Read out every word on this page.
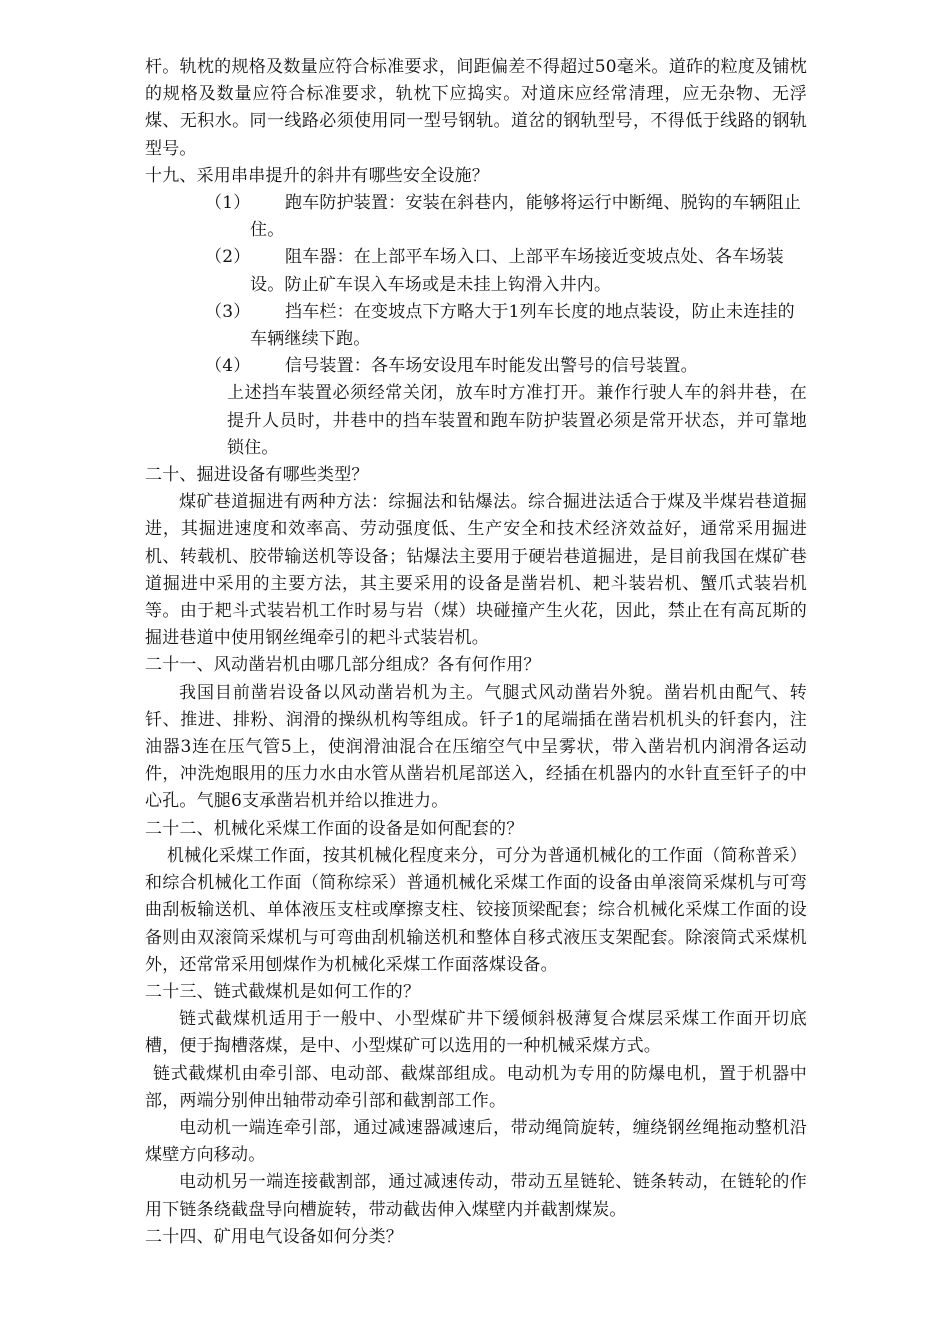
杆。轨枕的规格及数量应符合标准要求，间距偏差不得超过50毫米。道砟的粒度及铺枕的规格及数量应符合标准要求，轨枕下应捣实。对道床应经常清理，应无杂物、无浮煤、无积水。同一线路必须使用同一型号钢轨。道岔的钢轨型号，不得低于线路的钢轨型号。

十九、采用串串提升的斜井有哪些安全设施？

（1）	跑车防护装置：安装在斜巷内，能够将运行中断绳、脱钩的车辆阻止住。
（2）	阻车器：在上部平车场入口、上部平车场接近变坡点处、各车场装设。防止矿车误入车场或是未挂上钩滑入井内。
（3）	挡车栏：在变坡点下方略大于1列车长度的地点装设，防止未连挂的车辆继续下跑。
（4）	信号装置：各车场安设甩车时能发出警号的信号装置。

上述挡车装置必须经常关闭，放车时方准打开。兼作行驶人车的斜井巷，在提升人员时，井巷中的挡车装置和跑车防护装置必须是常开状态，并可靠地锁住。

二十、掘进设备有哪些类型？

煤矿巷道掘进有两种方法：综掘法和钻爆法。综合掘进法适合于煤及半煤岩巷道掘进，其掘进速度和效率高、劳动强度低、生产安全和技术经济效益好，通常采用掘进机、转载机、胶带输送机等设备；钻爆法主要用于硬岩巷道掘进，是目前我国在煤矿巷道掘进中采用的主要方法，其主要采用的设备是凿岩机、耙斗装岩机、蟹爪式装岩机等。由于耙斗式装岩机工作时易与岩（煤）块碰撞产生火花，因此，禁止在有高瓦斯的掘进巷道中使用钢丝绳牵引的耙斗式装岩机。

二十一、风动凿岩机由哪几部分组成？各有何作用？

我国目前凿岩设备以风动凿岩机为主。气腿式风动凿岩外貌。凿岩机由配气、转钎、推进、排粉、润滑的操纵机构等组成。钎子1的尾端插在凿岩机机头的钎套内，注油器3连在压气管5上，使润滑油混合在压缩空气中呈雾状，带入凿岩机内润滑各运动件，冲洗炮眼用的压力水由水管从凿岩机尾部送入，经插在机器内的水针直至钎子的中心孔。气腿6支承凿岩机并给以推进力。

二十二、机械化采煤工作面的设备是如何配套的？

机械化采煤工作面，按其机械化程度来分，可分为普通机械化的工作面（简称普采）和综合机械化工作面（简称综采）普通机械化采煤工作面的设备由单滚筒采煤机与可弯曲刮板输送机、单体液压支柱或摩擦支柱、铰接顶梁配套；综合机械化采煤工作面的设备则由双滚筒采煤机与可弯曲刮机输送机和整体自移式液压支架配套。除滚筒式采煤机外，还常常采用刨煤作为机械化采煤工作面落煤设备。

二十三、链式截煤机是如何工作的？

链式截煤机适用于一般中、小型煤矿井下缓倾斜极薄复合煤层采煤工作面开切底槽，便于掏槽落煤，是中、小型煤矿可以选用的一种机械采煤方式。

链式截煤机由牵引部、电动部、截煤部组成。电动机为专用的防爆电机，置于机器中部，两端分别伸出轴带动牵引部和截割部工作。

电动机一端连牵引部，通过减速器减速后，带动绳筒旋转，缠绕钢丝绳拖动整机沿煤壁方向移动。

电动机另一端连接截割部，通过减速传动，带动五星链轮、链条转动，在链轮的作用下链条绕截盘导向槽旋转，带动截齿伸入煤壁内并截割煤炭。

二十四、矿用电气设备如何分类？
